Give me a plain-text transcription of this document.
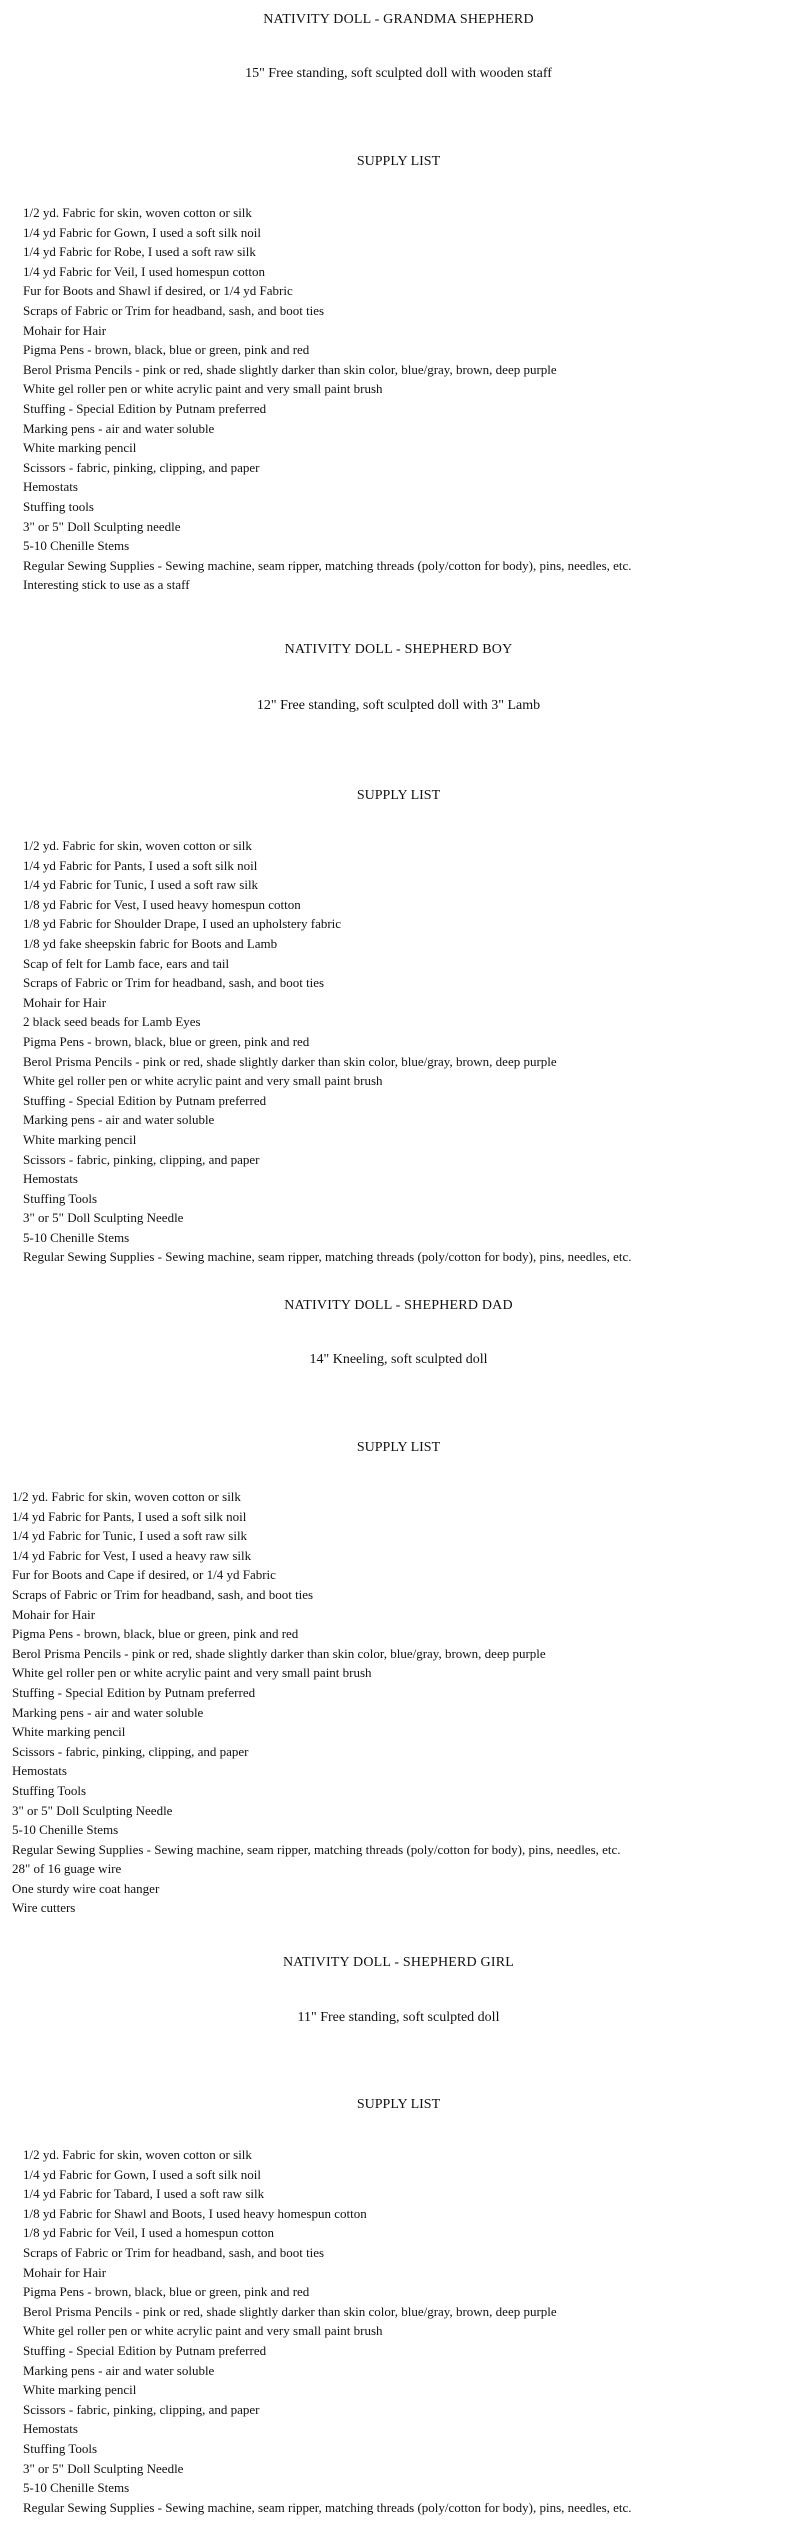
NATIVITY DOLL - GRANDMA SHEPHERD
15" Free standing, soft sculpted doll with wooden staff
SUPPLY LIST
1/2 yd. Fabric for skin, woven cotton or silk
1/4 yd Fabric for Gown, I used a soft silk noil
1/4 yd Fabric for Robe, I used a soft raw silk
1/4 yd Fabric for Veil, I used homespun cotton
Fur for Boots and Shawl if desired, or 1/4 yd Fabric
Scraps of Fabric or Trim for headband, sash, and boot ties
Mohair for Hair
Pigma Pens - brown, black, blue or green, pink and red
Berol Prisma Pencils - pink or red, shade slightly darker than skin color, blue/gray, brown, deep purple
White gel roller pen or white acrylic paint and very small paint brush
Stuffing - Special Edition by Putnam preferred
Marking pens - air and water soluble
White marking pencil
Scissors - fabric, pinking, clipping, and paper
Hemostats
Stuffing tools
3" or 5" Doll Sculpting needle
5-10 Chenille Stems
Regular Sewing Supplies - Sewing machine, seam ripper, matching threads (poly/cotton for body), pins, needles, etc.
Interesting stick to use as a staff
NATIVITY DOLL - SHEPHERD BOY
12" Free standing, soft sculpted doll with 3" Lamb
SUPPLY LIST
1/2 yd. Fabric for skin, woven cotton or silk
1/4 yd Fabric for Pants, I used a soft silk noil
1/4 yd Fabric for Tunic, I used a soft raw silk
1/8 yd Fabric for Vest, I used heavy homespun cotton
1/8 yd Fabric for Shoulder Drape, I used an upholstery fabric
1/8 yd fake sheepskin fabric for Boots and Lamb
Scap of felt for Lamb face, ears and tail
Scraps of Fabric or Trim for headband, sash, and boot ties
Mohair for Hair
2 black seed beads for Lamb Eyes
Pigma Pens - brown, black, blue or green, pink and red
Berol Prisma Pencils - pink or red, shade slightly darker than skin color, blue/gray, brown, deep purple
White gel roller pen or white acrylic paint and very small paint brush
Stuffing - Special Edition by Putnam preferred
Marking pens - air and water soluble
White marking pencil
Scissors - fabric, pinking, clipping, and paper
Hemostats
Stuffing Tools
3" or 5" Doll Sculpting Needle
5-10 Chenille Stems
Regular Sewing Supplies - Sewing machine, seam ripper, matching threads (poly/cotton for body), pins, needles, etc.
NATIVITY DOLL - SHEPHERD DAD
14" Kneeling, soft sculpted doll
SUPPLY LIST
1/2 yd. Fabric for skin, woven cotton or silk
1/4 yd Fabric for Pants, I used a soft silk noil
1/4 yd Fabric for Tunic, I used a soft raw silk
1/4 yd Fabric for Vest, I used a heavy raw silk
Fur for Boots and Cape if desired, or 1/4 yd Fabric
Scraps of Fabric or Trim for headband, sash, and boot ties
Mohair for Hair
Pigma Pens - brown, black, blue or green, pink and red
Berol Prisma Pencils - pink or red, shade slightly darker than skin color, blue/gray, brown, deep purple
White gel roller pen or white acrylic paint and very small paint brush
Stuffing - Special Edition by Putnam preferred
Marking pens - air and water soluble
White marking pencil
Scissors - fabric, pinking, clipping, and paper
Hemostats
Stuffing Tools
3" or 5" Doll Sculpting Needle
5-10 Chenille Stems
Regular Sewing Supplies - Sewing machine, seam ripper, matching threads (poly/cotton for body), pins, needles, etc.
28" of 16 guage wire
One sturdy wire coat hanger
Wire cutters
NATIVITY DOLL - SHEPHERD GIRL
11" Free standing, soft sculpted doll
SUPPLY LIST
1/2 yd. Fabric for skin, woven cotton or silk
1/4 yd Fabric for Gown, I used a soft silk noil
1/4 yd Fabric for Tabard, I used a soft raw silk
1/8 yd Fabric for Shawl and Boots, I used heavy homespun cotton
1/8 yd Fabric for Veil, I used a homespun cotton
Scraps of Fabric or Trim for headband, sash, and boot ties
Mohair for Hair
Pigma Pens - brown, black, blue or green, pink and red
Berol Prisma Pencils - pink or red, shade slightly darker than skin color, blue/gray, brown, deep purple
White gel roller pen or white acrylic paint and very small paint brush
Stuffing - Special Edition by Putnam preferred
Marking pens - air and water soluble
White marking pencil
Scissors - fabric, pinking, clipping, and paper
Hemostats
Stuffing Tools
3" or 5" Doll Sculpting Needle
5-10 Chenille Stems
Regular Sewing Supplies - Sewing machine, seam ripper, matching threads (poly/cotton for body), pins, needles, etc.
